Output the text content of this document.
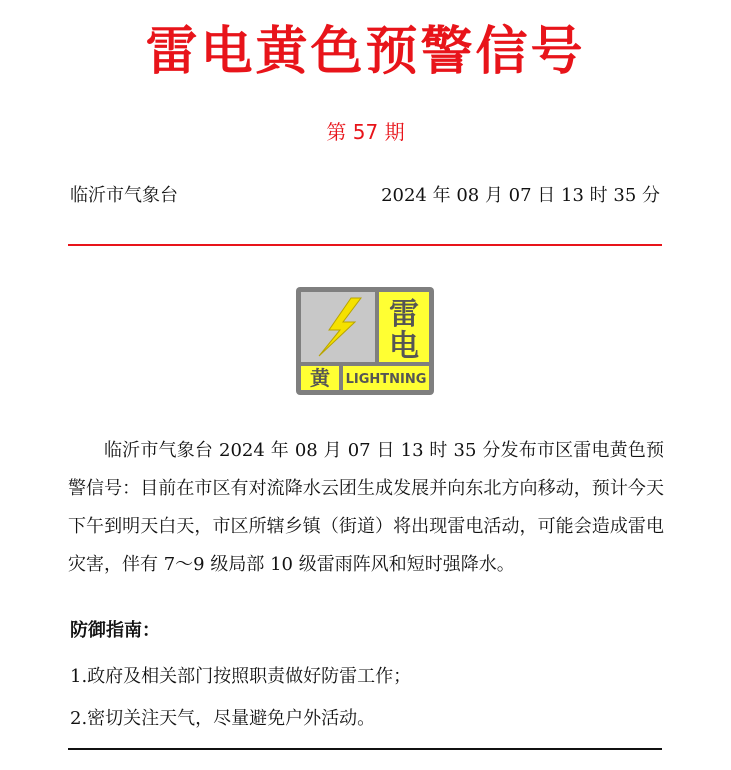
雷电黄色预警信号
第 57 期
临沂市气象台	2024 年 08 月 07 日 13 时 35 分
雷
电
黄 LIGHTNING

临沂市气象台 2024 年 08 月 07 日 13 时 35 分发布市区雷电黄色预警信号：目前在市区有对流降水云团生成发展并向东北方向移动，预计今天下午到明天白天，市区所辖乡镇（街道）将出现雷电活动，可能会造成雷电灾害，伴有 7～9 级局部 10 级雷雨阵风和短时强降水。

防御指南：
1.政府及相关部门按照职责做好防雷工作；
2.密切关注天气，尽量避免户外活动。
